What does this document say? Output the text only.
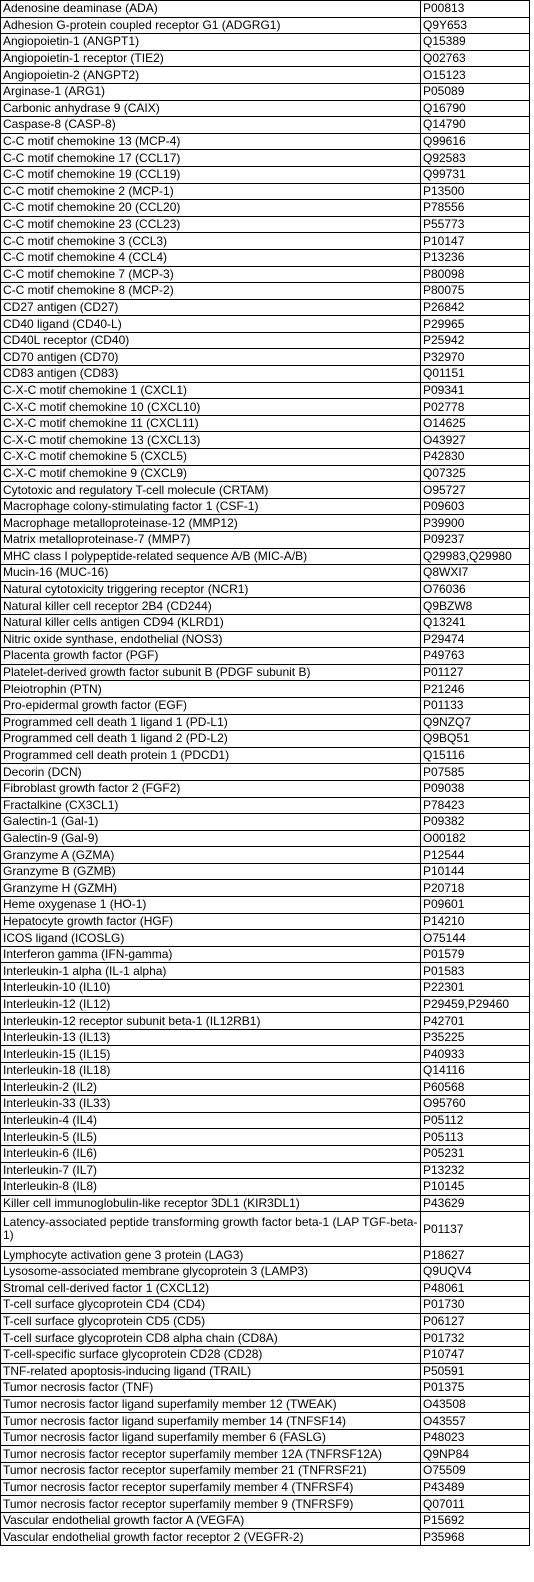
Adenosine deaminase (ADA)	P00813
Adhesion G-protein coupled receptor G1 (ADGRG1)	Q9Y653
Angiopoietin-1 (ANGPT1)	Q15389
Angiopoietin-1 receptor (TIE2)	Q02763
Angiopoietin-2 (ANGPT2)	O15123
Arginase-1 (ARG1)	P05089
Carbonic anhydrase 9 (CAIX)	Q16790
Caspase-8 (CASP-8)	Q14790
C-C motif chemokine 13 (MCP-4)	Q99616
C-C motif chemokine 17 (CCL17)	Q92583
C-C motif chemokine 19 (CCL19)	Q99731
C-C motif chemokine 2 (MCP-1)	P13500
C-C motif chemokine 20 (CCL20)	P78556
C-C motif chemokine 23 (CCL23)	P55773
C-C motif chemokine 3 (CCL3)	P10147
C-C motif chemokine 4 (CCL4)	P13236
C-C motif chemokine 7 (MCP-3)	P80098
C-C motif chemokine 8 (MCP-2)	P80075
CD27 antigen (CD27)	P26842
CD40 ligand (CD40-L)	P29965
CD40L receptor (CD40)	P25942
CD70 antigen (CD70)	P32970
CD83 antigen (CD83)	Q01151
C-X-C motif chemokine 1 (CXCL1)	P09341
C-X-C motif chemokine 10 (CXCL10)	P02778
C-X-C motif chemokine 11 (CXCL11)	O14625
C-X-C motif chemokine 13 (CXCL13)	O43927
C-X-C motif chemokine 5 (CXCL5)	P42830
C-X-C motif chemokine 9 (CXCL9)	Q07325
Cytotoxic and regulatory T-cell molecule (CRTAM)	O95727
Macrophage colony-stimulating factor 1 (CSF-1)	P09603
Macrophage metalloproteinase-12 (MMP12)	P39900
Matrix metalloproteinase-7 (MMP7)	P09237
MHC class I polypeptide-related sequence A/B (MIC-A/B)	Q29983,Q29980
Mucin-16 (MUC-16)	Q8WXI7
Natural cytotoxicity triggering receptor (NCR1)	O76036
Natural killer cell receptor 2B4 (CD244)	Q9BZW8
Natural killer cells antigen CD94 (KLRD1)	Q13241
Nitric oxide synthase, endothelial (NOS3)	P29474
Placenta growth factor (PGF)	P49763
Platelet-derived growth factor subunit B (PDGF subunit B)	P01127
Pleiotrophin (PTN)	P21246
Pro-epidermal growth factor (EGF)	P01133
Programmed cell death 1 ligand 1 (PD-L1)	Q9NZQ7
Programmed cell death 1 ligand 2 (PD-L2)	Q9BQ51
Programmed cell death protein 1 (PDCD1)	Q15116
Decorin (DCN)	P07585
Fibroblast growth factor 2 (FGF2)	P09038
Fractalkine (CX3CL1)	P78423
Galectin-1 (Gal-1)	P09382
Galectin-9 (Gal-9)	O00182
Granzyme A (GZMA)	P12544
Granzyme B (GZMB)	P10144
Granzyme H (GZMH)	P20718
Heme oxygenase 1 (HO-1)	P09601
Hepatocyte growth factor (HGF)	P14210
ICOS ligand (ICOSLG)	O75144
Interferon gamma (IFN-gamma)	P01579
Interleukin-1 alpha (IL-1 alpha)	P01583
Interleukin-10 (IL10)	P22301
Interleukin-12 (IL12)	P29459,P29460
Interleukin-12 receptor subunit beta-1 (IL12RB1)	P42701
Interleukin-13 (IL13)	P35225
Interleukin-15 (IL15)	P40933
Interleukin-18 (IL18)	Q14116
Interleukin-2 (IL2)	P60568
Interleukin-33 (IL33)	O95760
Interleukin-4 (IL4)	P05112
Interleukin-5 (IL5)	P05113
Interleukin-6 (IL6)	P05231
Interleukin-7 (IL7)	P13232
Interleukin-8 (IL8)	P10145
Killer cell immunoglobulin-like receptor 3DL1 (KIR3DL1)	P43629
Latency-associated peptide transforming growth factor beta-1 (LAP TGF-beta-1)	P01137
Lymphocyte activation gene 3 protein (LAG3)	P18627
Lysosome-associated membrane glycoprotein 3 (LAMP3)	Q9UQV4
Stromal cell-derived factor 1 (CXCL12)	P48061
T-cell surface glycoprotein CD4 (CD4)	P01730
T-cell surface glycoprotein CD5 (CD5)	P06127
T-cell surface glycoprotein CD8 alpha chain (CD8A)	P01732
T-cell-specific surface glycoprotein CD28 (CD28)	P10747
TNF-related apoptosis-inducing ligand (TRAIL)	P50591
Tumor necrosis factor (TNF)	P01375
Tumor necrosis factor ligand superfamily member 12 (TWEAK)	O43508
Tumor necrosis factor ligand superfamily member 14 (TNFSF14)	O43557
Tumor necrosis factor ligand superfamily member 6 (FASLG)	P48023
Tumor necrosis factor receptor superfamily member 12A (TNFRSF12A)	Q9NP84
Tumor necrosis factor receptor superfamily member 21 (TNFRSF21)	O75509
Tumor necrosis factor receptor superfamily member 4 (TNFRSF4)	P43489
Tumor necrosis factor receptor superfamily member 9 (TNFRSF9)	Q07011
Vascular endothelial growth factor A (VEGFA)	P15692
Vascular endothelial growth factor receptor 2 (VEGFR-2)	P35968
